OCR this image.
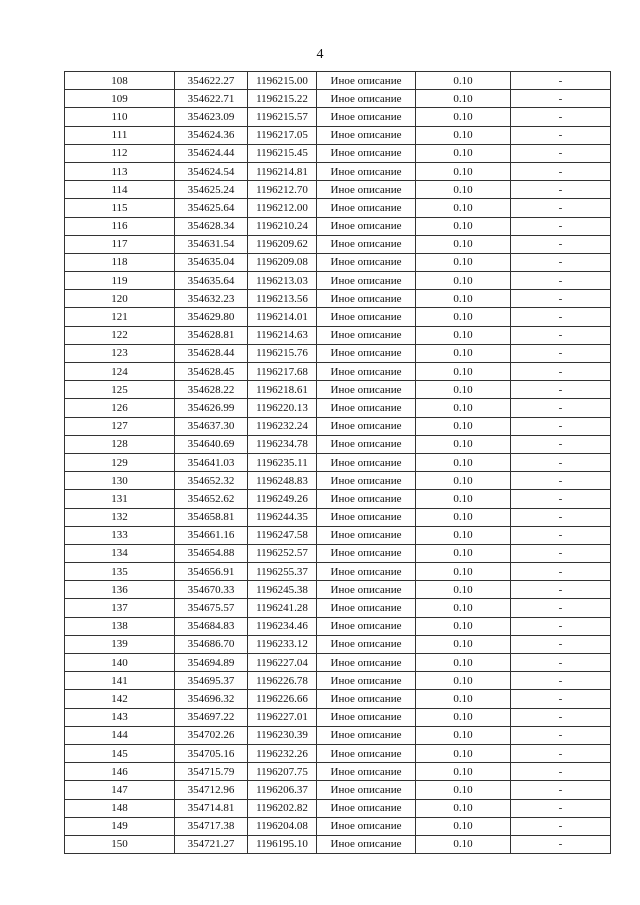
4
108	354622.27	1196215.00	Иное описание	0.10	-
109	354622.71	1196215.22	Иное описание	0.10	-
110	354623.09	1196215.57	Иное описание	0.10	-
111	354624.36	1196217.05	Иное описание	0.10	-
112	354624.44	1196215.45	Иное описание	0.10	-
113	354624.54	1196214.81	Иное описание	0.10	-
114	354625.24	1196212.70	Иное описание	0.10	-
115	354625.64	1196212.00	Иное описание	0.10	-
116	354628.34	1196210.24	Иное описание	0.10	-
117	354631.54	1196209.62	Иное описание	0.10	-
118	354635.04	1196209.08	Иное описание	0.10	-
119	354635.64	1196213.03	Иное описание	0.10	-
120	354632.23	1196213.56	Иное описание	0.10	-
121	354629.80	1196214.01	Иное описание	0.10	-
122	354628.81	1196214.63	Иное описание	0.10	-
123	354628.44	1196215.76	Иное описание	0.10	-
124	354628.45	1196217.68	Иное описание	0.10	-
125	354628.22	1196218.61	Иное описание	0.10	-
126	354626.99	1196220.13	Иное описание	0.10	-
127	354637.30	1196232.24	Иное описание	0.10	-
128	354640.69	1196234.78	Иное описание	0.10	-
129	354641.03	1196235.11	Иное описание	0.10	-
130	354652.32	1196248.83	Иное описание	0.10	-
131	354652.62	1196249.26	Иное описание	0.10	-
132	354658.81	1196244.35	Иное описание	0.10	-
133	354661.16	1196247.58	Иное описание	0.10	-
134	354654.88	1196252.57	Иное описание	0.10	-
135	354656.91	1196255.37	Иное описание	0.10	-
136	354670.33	1196245.38	Иное описание	0.10	-
137	354675.57	1196241.28	Иное описание	0.10	-
138	354684.83	1196234.46	Иное описание	0.10	-
139	354686.70	1196233.12	Иное описание	0.10	-
140	354694.89	1196227.04	Иное описание	0.10	-
141	354695.37	1196226.78	Иное описание	0.10	-
142	354696.32	1196226.66	Иное описание	0.10	-
143	354697.22	1196227.01	Иное описание	0.10	-
144	354702.26	1196230.39	Иное описание	0.10	-
145	354705.16	1196232.26	Иное описание	0.10	-
146	354715.79	1196207.75	Иное описание	0.10	-
147	354712.96	1196206.37	Иное описание	0.10	-
148	354714.81	1196202.82	Иное описание	0.10	-
149	354717.38	1196204.08	Иное описание	0.10	-
150	354721.27	1196195.10	Иное описание	0.10	-
